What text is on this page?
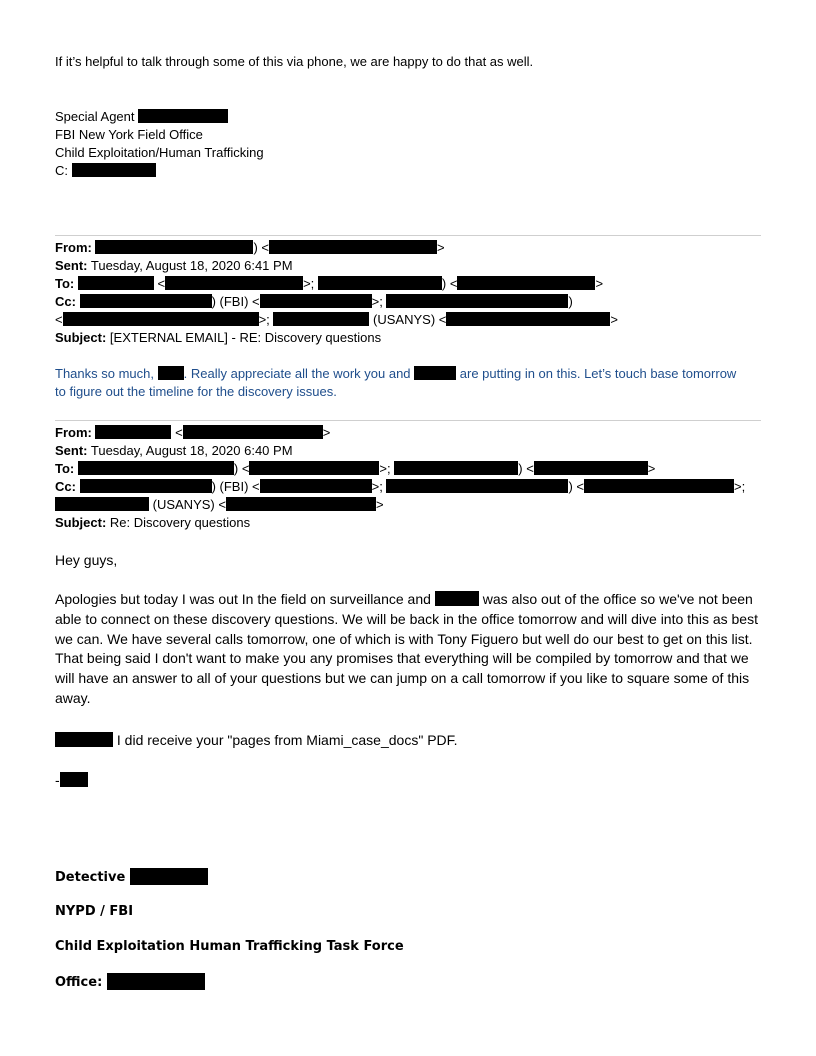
If it’s helpful to talk through some of this via phone, we are happy to do that as well.
Special Agent
FBI New York Field Office
Child Exploitation/Human Trafficking
C:
From:	) <	>
Sent: Tuesday, August 18, 2020 6:41 PM
To:	<	>;	) <	>
Cc:	) (FBI) <	>;	)
<	>;	(USANYS) <	>
Subject: [EXTERNAL EMAIL] - RE: Discovery questions
Thanks so much, . Really appreciate all the work you and	are putting in on this. Let’s touch base tomorrow
to figure out the timeline for the discovery issues.
From:	<	>
Sent: Tuesday, August 18, 2020 6:40 PM
To:	) <	>;	) <	>
Cc:	) (FBI) <	>;	) <	>;
(USANYS) <	>
Subject: Re: Discovery questions
Hey guys,
Apologies but today I was out In the field on surveillance and	was also out of the office so we've not been able to connect on these discovery questions. We will be back in the office tomorrow and will dive into this as best we can. We have several calls tomorrow, one of which is with Tony Figuero but well do our best to get on this list. That being said I don't want to make you any promises that everything will be compiled by tomorrow and that we will have an answer to all of your questions but we can jump on a call tomorrow if you like to square some of this away.
I did receive your "pages from Miami_case_docs" PDF.
-
Detective
NYPD / FBI
Child Exploitation Human Trafficking Task Force
Office:
